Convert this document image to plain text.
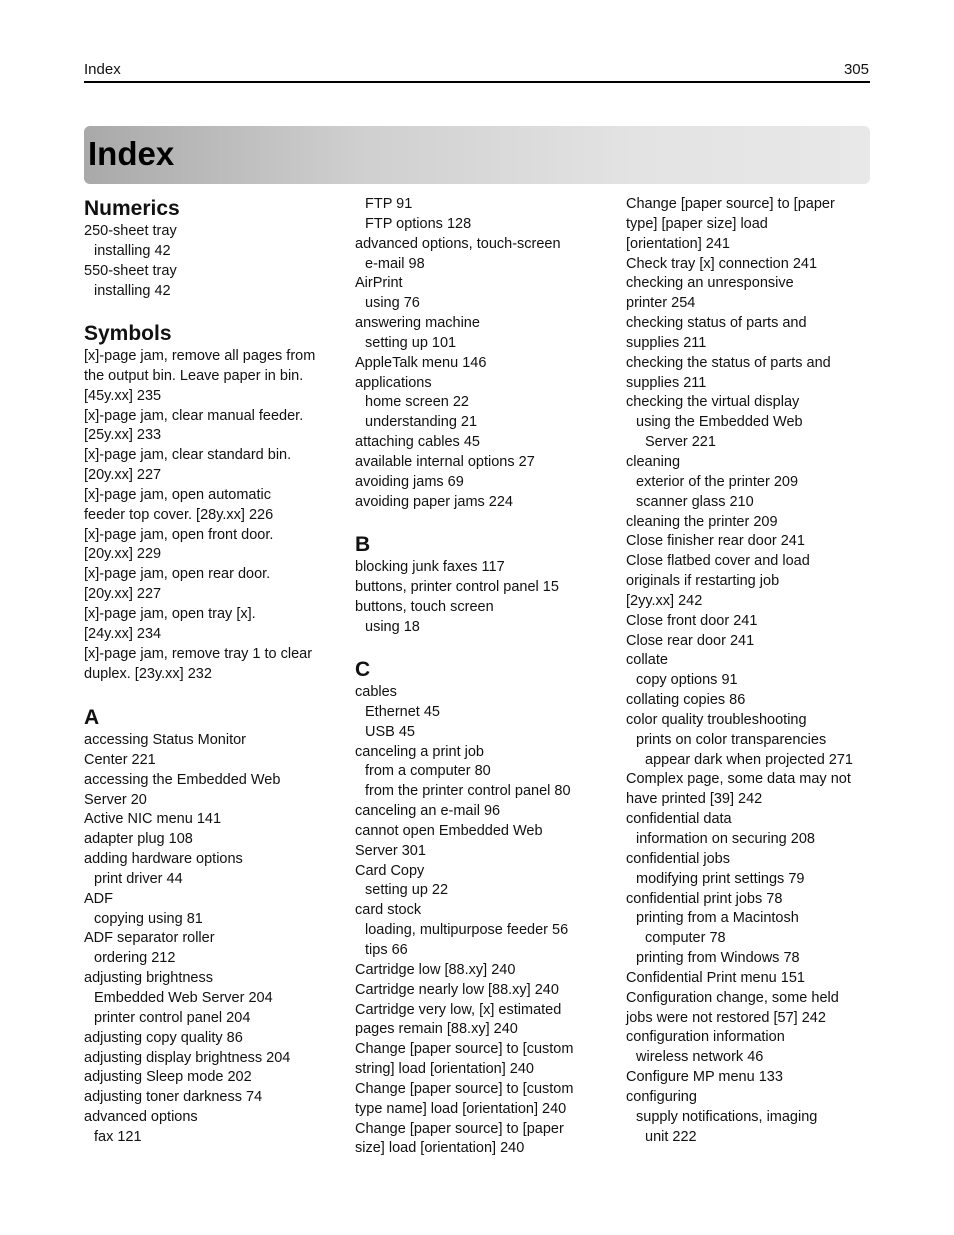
Index	305
Index
Numerics
250-sheet tray
installing 42
550-sheet tray
installing 42
Symbols
[x]-page jam, remove all pages from
the output bin. Leave paper in bin.
[45y.xx] 235
[x]-page jam, clear manual feeder.
[25y.xx] 233
[x]-page jam, clear standard bin.
[20y.xx] 227
[x]-page jam, open automatic
feeder top cover. [28y.xx] 226
[x]-page jam, open front door.
[20y.xx] 229
[x]-page jam, open rear door.
[20y.xx] 227
[x]-page jam, open tray [x].
[24y.xx] 234
[x]-page jam, remove tray 1 to clear
duplex. [23y.xx] 232
A
accessing Status Monitor
Center 221
accessing the Embedded Web
Server 20
Active NIC menu 141
adapter plug 108
adding hardware options
print driver 44
ADF
copying using 81
ADF separator roller
ordering 212
adjusting brightness
Embedded Web Server 204
printer control panel 204
adjusting copy quality 86
adjusting display brightness 204
adjusting Sleep mode 202
adjusting toner darkness 74
advanced options
fax 121
FTP 91
FTP options 128
advanced options, touch-screen
e-mail 98
AirPrint
using 76
answering machine
setting up 101
AppleTalk menu 146
applications
home screen 22
understanding 21
attaching cables 45
available internal options 27
avoiding jams 69
avoiding paper jams 224
B
blocking junk faxes 117
buttons, printer control panel 15
buttons, touch screen
using 18
C
cables
Ethernet 45
USB 45
canceling a print job
from a computer 80
from the printer control panel 80
canceling an e-mail 96
cannot open Embedded Web
Server 301
Card Copy
setting up 22
card stock
loading, multipurpose feeder 56
tips 66
Cartridge low [88.xy] 240
Cartridge nearly low [88.xy] 240
Cartridge very low, [x] estimated
pages remain [88.xy] 240
Change [paper source] to [custom
string] load [orientation] 240
Change [paper source] to [custom
type name] load [orientation] 240
Change [paper source] to [paper
size] load [orientation] 240
Change [paper source] to [paper
type] [paper size] load
[orientation] 241
Check tray [x] connection 241
checking an unresponsive
printer 254
checking status of parts and
supplies 211
checking the status of parts and
supplies 211
checking the virtual display
using the Embedded Web
Server 221
cleaning
exterior of the printer 209
scanner glass 210
cleaning the printer 209
Close finisher rear door 241
Close flatbed cover and load
originals if restarting job
[2yy.xx] 242
Close front door 241
Close rear door 241
collate
copy options 91
collating copies 86
color quality troubleshooting
prints on color transparencies
appear dark when projected 271
Complex page, some data may not
have printed [39] 242
confidential data
information on securing 208
confidential jobs
modifying print settings 79
confidential print jobs 78
printing from a Macintosh
computer 78
printing from Windows 78
Confidential Print menu 151
Configuration change, some held
jobs were not restored [57] 242
configuration information
wireless network 46
Configure MP menu 133
configuring
supply notifications, imaging
unit 222
